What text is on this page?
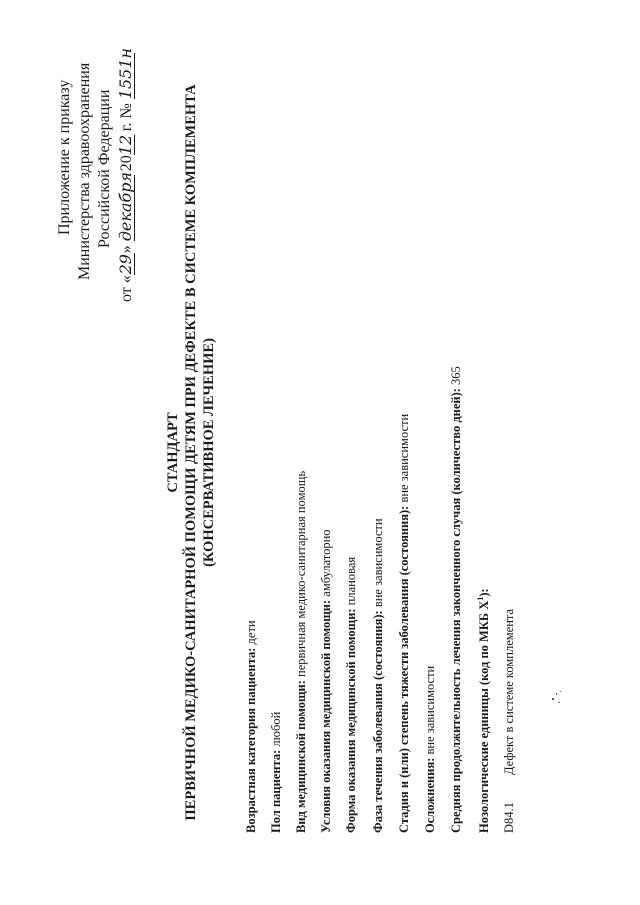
Приложение к приказу Министерства здравоохранения Российской Федерации
от «29» декабря 2012 г. № 1551н
СТАНДАРТ ПЕРВИЧНОЙ МЕДИКО-САНИТАРНОЙ ПОМОЩИ ДЕТЯМ ПРИ ДЕФЕКТЕ В СИСТЕМЕ КОМПЛЕМЕНТА (КОНСЕРВАТИВНОЕ ЛЕЧЕНИЕ)
Возрастная категория пациента: дети
Пол пациента: любой Вид медицинской помощи: первичная медико-санитарная помощь
Условия оказания медицинской помощи: амбулаторно
Форма оказания медицинской помощи: плановая
Фаза течения заболевания (состояния): вне зависимости Стадия и (или) степень тяжести заболевания (состояния): вне зависимости
Осложнения: вне зависимости Средняя продолжительность лечения законченного случая (количество дней): 365
Нозологические единицы (код по МКБ $X^1$):
D84.1
Дефект в системе комплемента
